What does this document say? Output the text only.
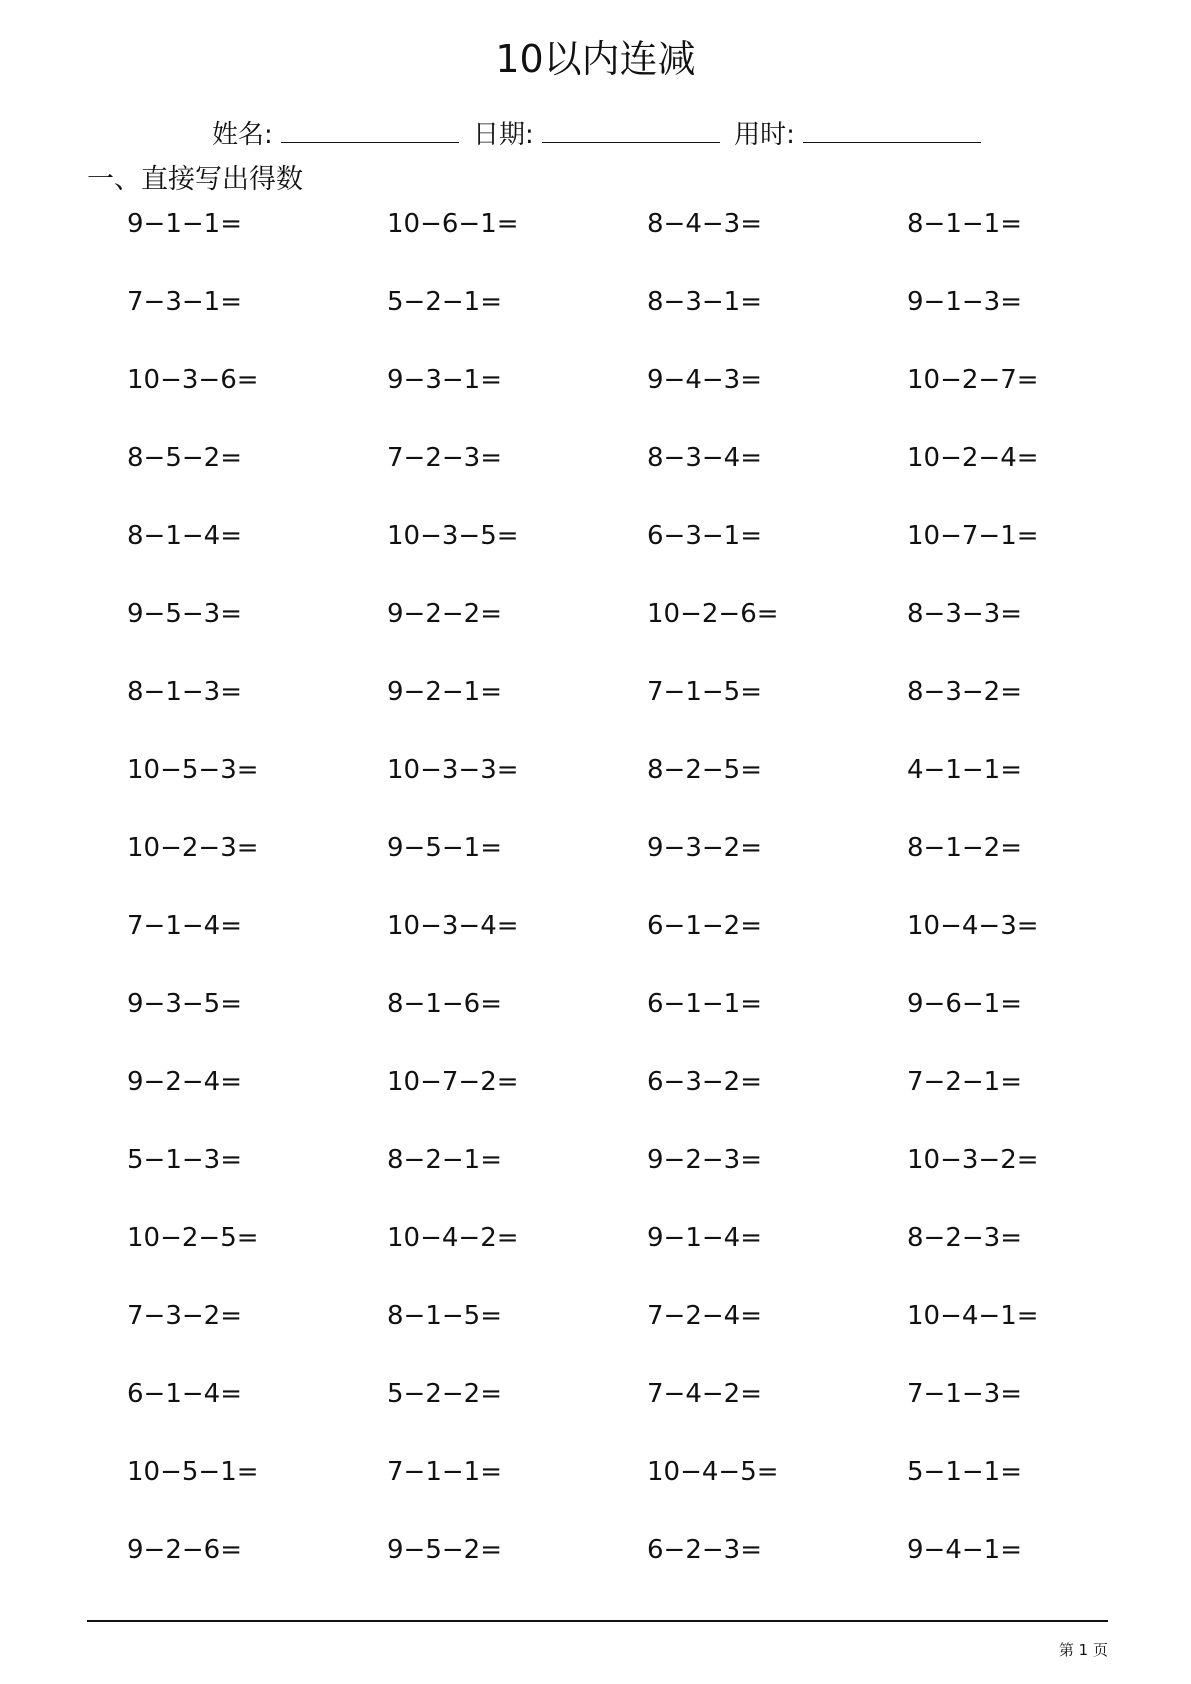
10以内连减
姓名:	日期:	用时:
一、直接写出得数
9−1−1=	10−6−1=	8−4−3=	8−1−1=
7−3−1=	5−2−1=	8−3−1=	9−1−3=
10−3−6=	9−3−1=	9−4−3=	10−2−7=
8−5−2=	7−2−3=	8−3−4=	10−2−4=
8−1−4=	10−3−5=	6−3−1=	10−7−1=
9−5−3=	9−2−2=	10−2−6=	8−3−3=
8−1−3=	9−2−1=	7−1−5=	8−3−2=
10−5−3=	10−3−3=	8−2−5=	4−1−1=
10−2−3=	9−5−1=	9−3−2=	8−1−2=
7−1−4=	10−3−4=	6−1−2=	10−4−3=
9−3−5=	8−1−6=	6−1−1=	9−6−1=
9−2−4=	10−7−2=	6−3−2=	7−2−1=
5−1−3=	8−2−1=	9−2−3=	10−3−2=
10−2−5=	10−4−2=	9−1−4=	8−2−3=
7−3−2=	8−1−5=	7−2−4=	10−4−1=
6−1−4=	5−2−2=	7−4−2=	7−1−3=
10−5−1=	7−1−1=	10−4−5=	5−1−1=
9−2−6=	9−5−2=	6−2−3=	9−4−1=
第 1 页
